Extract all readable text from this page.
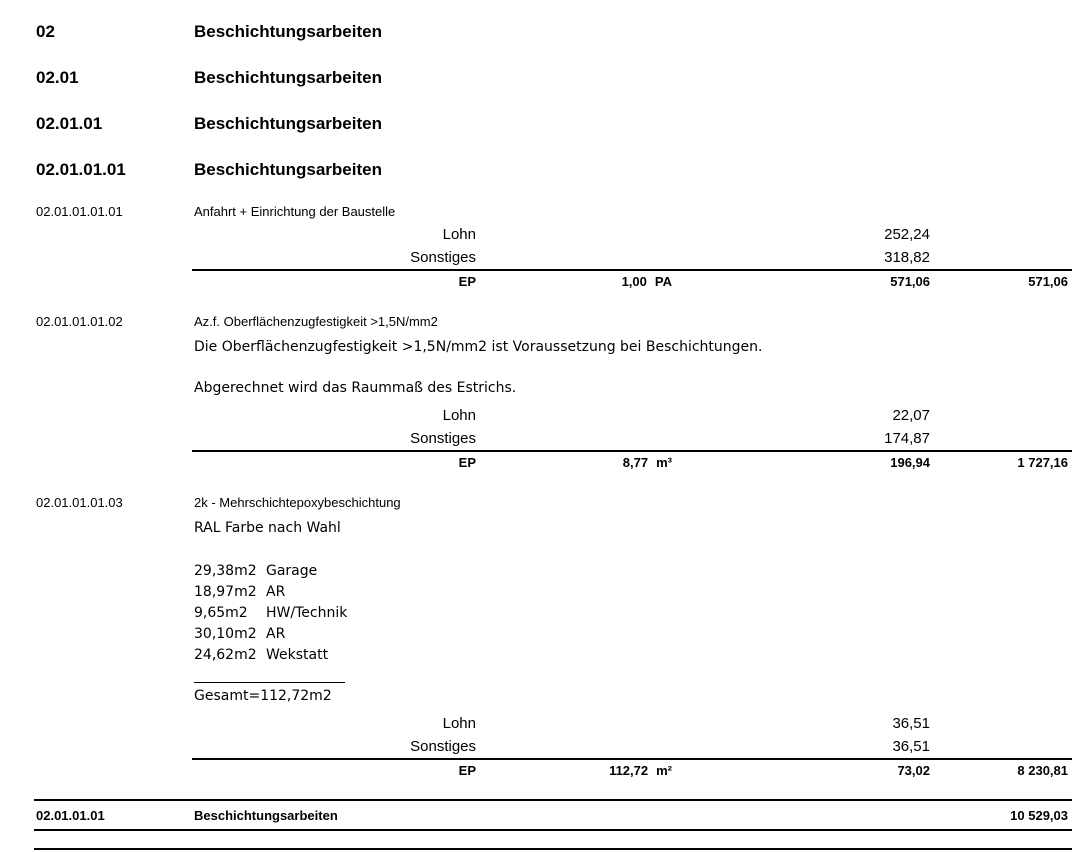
02	Beschichtungsarbeiten
02.01	Beschichtungsarbeiten
02.01.01	Beschichtungsarbeiten
02.01.01.01	Beschichtungsarbeiten
02.01.01.01.01	Anfahrt + Einrichtung der Baustelle
Lohn	252,24
Sonstiges	318,82
EP	1,00 PA	571,06	571,06
02.01.01.01.02	Az.f. Oberflächenzugfestigkeit >1,5N/mm2
Die Oberflächenzugfestigkeit >1,5N/mm2 ist Voraussetzung bei Beschichtungen.
Abgerechnet wird das Raummaß des Estrichs.
Lohn	22,07
Sonstiges	174,87
EP	8,77 m³	196,94	1 727,16
02.01.01.01.03	2k - Mehrschichtepoxybeschichtung
RAL Farbe nach Wahl
29,38m2 Garage
18,97m2 AR
9,65m2 HW/Technik
30,10m2 AR
24,62m2 Wekstatt
Gesamt=112,72m2
Lohn	36,51
Sonstiges	36,51
EP	112,72 m²	73,02	8 230,81
02.01.01.01	Beschichtungsarbeiten	10 529,03
